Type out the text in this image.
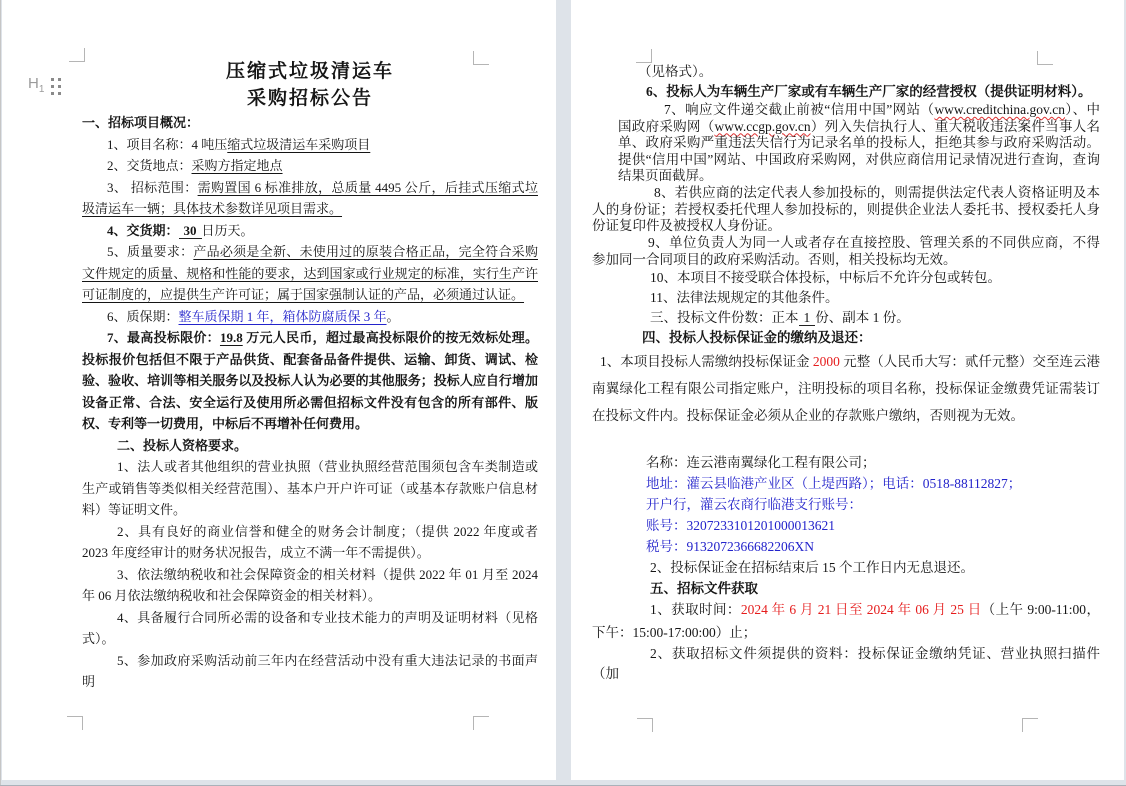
$H_1$

压缩式垃圾清运车

采购招标公告

一、招标项目概况：

1、项目名称：4 吨压缩式垃圾清运车采购项目

2、交货地点：采购方指定地点

3、 招标范围：需购置国 6 标准排放，总质量 4495 公斤，后挂式压缩式垃圾清运车一辆；具体技术参数详见项目需求。

4、交货期： 30 日历天。

5、质量要求：产品必须是全新、未使用过的原装合格正品，完全符合采购文件规定的质量、规格和性能的要求，达到国家或行业规定的标准，实行生产许可证制度的，应提供生产许可证；属于国家强制认证的产品，必须通过认证。

6、质保期：整车质保期 1 年，箱体防腐质保 3 年。

7、最高投标限价：19.8 万元人民币，超过最高投标限价的按无效标处理。投标报价包括但不限于产品供货、配套备品备件提供、运输、卸货、调试、检验、验收、培训等相关服务以及投标人认为必要的其他服务；投标人应自行增加设备正常、合法、安全运行及使用所必需但招标文件没有包含的所有部件、版权、专利等一切费用，中标后不再增补任何费用。

二、投标人资格要求。

1、法人或者其他组织的营业执照（营业执照经营范围须包含车类制造或生产或销售等类似相关经营范围）、基本户开户许可证（或基本存款账户信息材料）等证明文件。

2、具有良好的商业信誉和健全的财务会计制度；（提供 2022 年度或者 2023 年度经审计的财务状况报告，成立不满一年不需提供）。

3、依法缴纳税收和社会保障资金的相关材料（提供 2022 年 01 月至 2024 年 06 月依法缴纳税收和社会保障资金的相关材料）。

4、具备履行合同所必需的设备和专业技术能力的声明及证明材料（见格式）。

5、参加政府采购活动前三年内在经营活动中没有重大违法记录的书面声明

（见格式）。

6、投标人为车辆生产厂家或有车辆生产厂家的经营授权（提供证明材料）。

7、响应文件递交截止前被“信用中国”网站（www.creditchina.gov.cn）、中国政府采购网（www.ccgp.gov.cn）列入失信执行人、重大税收违法案件当事人名单、政府采购严重违法失信行为记录名单的投标人，拒绝其参与政府采购活动。提供“信用中国”网站、中国政府采购网，对供应商信用记录情况进行查询，查询结果页面截屏。

8、若供应商的法定代表人参加投标的，则需提供法定代表人资格证明及本人的身份证；若授权委托代理人参加投标的，则提供企业法人委托书、授权委托人身份证复印件及被授权人身份证。

9、单位负责人为同一人或者存在直接控股、管理关系的不同供应商，不得参加同一合同项目的政府采购活动。否则，相关投标均无效。

10、本项目不接受联合体投标，中标后不允许分包或转包。

11、法律法规规定的其他条件。

三、投标文件份数：正本 1 份、副本 1 份。

四、投标人投标保证金的缴纳及退还：

1、本项目投标人需缴纳投标保证金 2000 元整（人民币大写：贰仟元整）交至连云港南翼绿化工程有限公司指定账户，注明投标的项目名称，投标保证金缴费凭证需装订在投标文件内。投标保证金必须从企业的存款账户缴纳，否则视为无效。

名称：连云港南翼绿化工程有限公司；

地址：灌云县临港产业区（上堤西路）；电话：0518-88112827；

开户行，灌云农商行临港支行账号：

账号：3207233101201000013621

税号：9132072366682206XN

2、投标保证金在招标结束后 15 个工作日内无息退还。

五、招标文件获取

1、获取时间：2024 年 6 月 21 日至 2024 年 06 月 25 日（上午 9:00-11:00，下午：15:00-17:00:00）止；

2、获取招标文件须提供的资料：投标保证金缴纳凭证、营业执照扫描件（加
